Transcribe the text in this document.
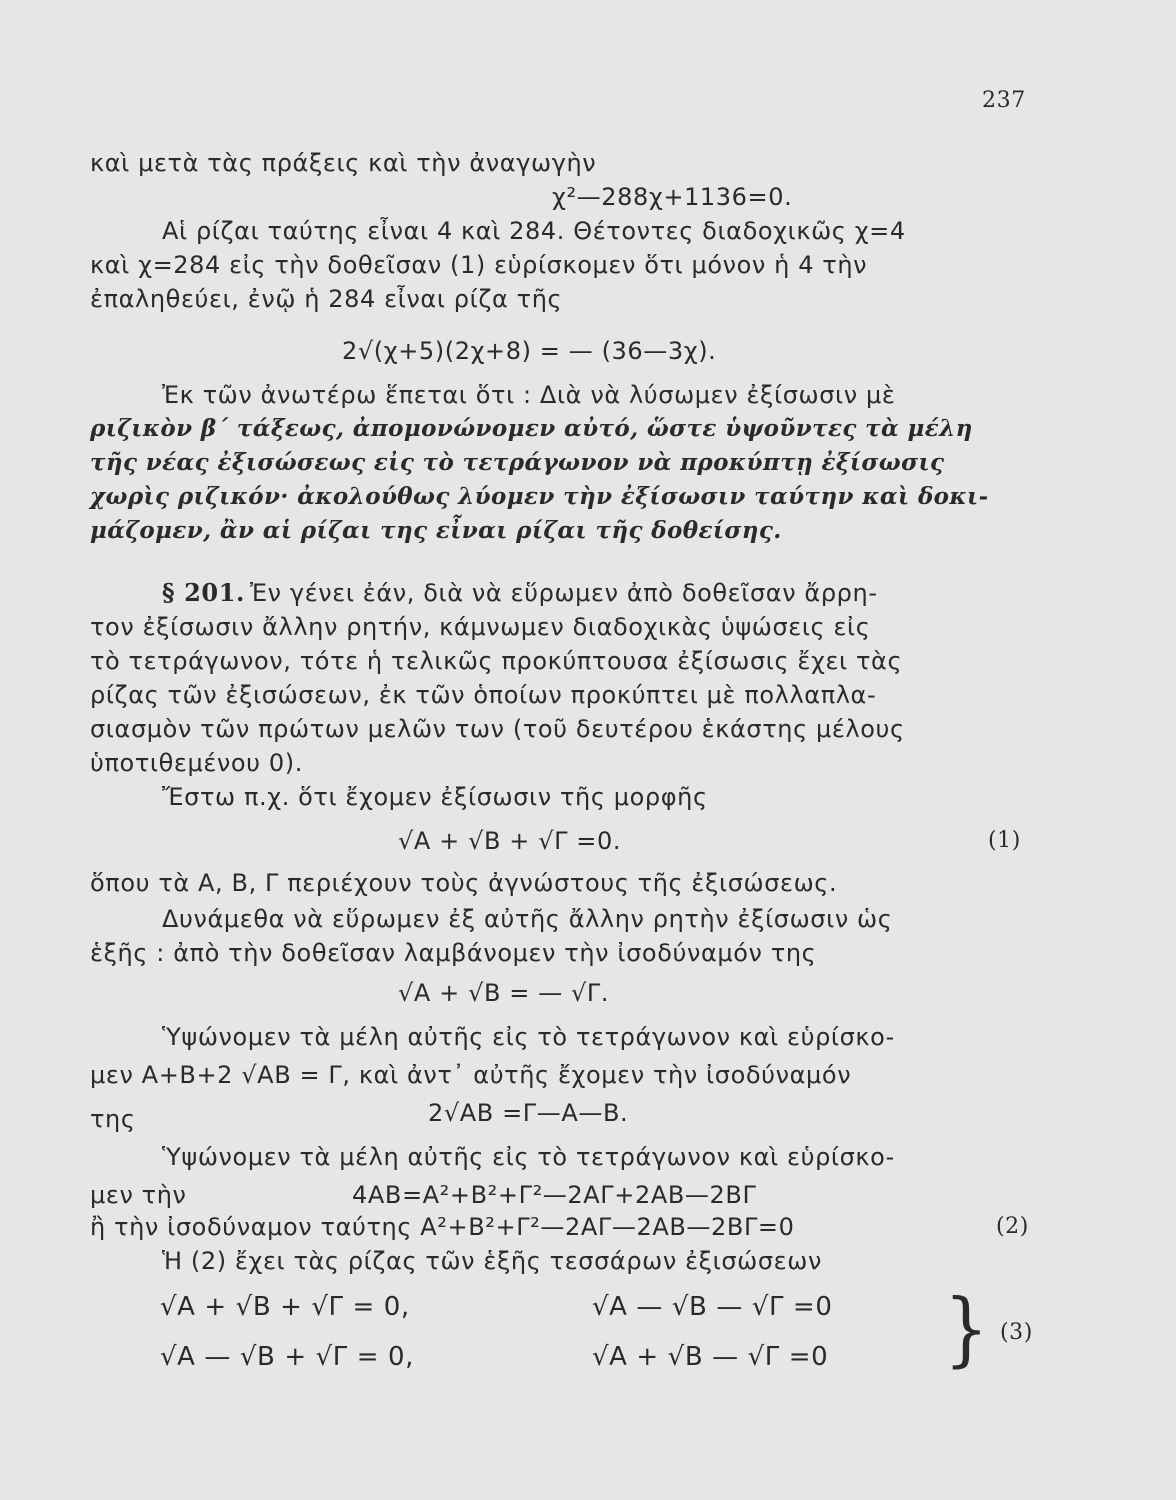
237
καὶ μετὰ τὰς πράξεις καὶ τὴν ἀναγωγὴν
χ²—288χ+1136=0.
Αἱ ρίζαι ταύτης εἶναι 4 καὶ 284. Θέτοντες διαδοχικῶς χ=4
καὶ χ=284 εἰς τὴν δοθεῖσαν (1) εὑρίσκομεν ὅτι μόνον ἡ 4 τὴν
ἐπαληθεύει, ἐνῷ ἡ 284 εἶναι ρίζα τῆς
2√(χ+5)(2χ+8) = — (36—3χ).
Ἐκ τῶν ἀνωτέρω ἕπεται ὅτι : Διὰ νὰ λύσωμεν ἐξίσωσιν μὲ
ριζικὸν β´ τάξεως, ἀπομονώνομεν αὐτό, ὥστε ὑψοῦντες τὰ μέλη
τῆς νέας ἐξισώσεως εἰς τὸ τετράγωνον νὰ προκύπτῃ ἐξίσωσις
χωρὶς ριζικόν· ἀκολούθως λύομεν τὴν ἐξίσωσιν ταύτην καὶ δοκι-
μάζομεν, ἂν αἱ ρίζαι της εἶναι ρίζαι τῆς δοθείσης.
§ 201. Ἐν γένει ἐάν, διὰ νὰ εὕρωμεν ἀπὸ δοθεῖσαν ἄρρη-
τον ἐξίσωσιν ἄλλην ρητήν, κάμνωμεν διαδοχικὰς ὑψώσεις εἰς
τὸ τετράγωνον, τότε ἡ τελικῶς προκύπτουσα ἐξίσωσις ἔχει τὰς
ρίζας τῶν ἐξισώσεων, ἐκ τῶν ὁποίων προκύπτει μὲ πολλαπλα-
σιασμὸν τῶν πρώτων μελῶν των (τοῦ δευτέρου ἑκάστης μέλους
ὑποτιθεμένου 0).
Ἔστω π.χ. ὅτι ἔχομεν ἐξίσωσιν τῆς μορφῆς
√Α + √Β + √Γ =0.	(1)
ὅπου τὰ Α, Β, Γ περιέχουν τοὺς ἀγνώστους τῆς ἐξισώσεως.
Δυνάμεθα νὰ εὕρωμεν ἐξ αὐτῆς ἄλλην ρητὴν ἐξίσωσιν ὡς
ἑξῆς : ἀπὸ τὴν δοθεῖσαν λαμβάνομεν τὴν ἰσοδύναμόν της
√Α + √Β = — √Γ.
Ὑψώνομεν τὰ μέλη αὐτῆς εἰς τὸ τετράγωνον καὶ εὑρίσκο-
μεν Α+Β+2 √ΑΒ = Γ, καὶ ἀντ᾽ αὐτῆς ἔχομεν τὴν ἰσοδύναμόν
της	2√ΑΒ =Γ—Α—Β.
Ὑψώνομεν τὰ μέλη αὐτῆς εἰς τὸ τετράγωνον καὶ εὑρίσκο-
μεν τὴν	4ΑΒ=Α²+Β²+Γ²—2ΑΓ+2ΑΒ—2ΒΓ
ἢ τὴν ἰσοδύναμον ταύτης Α²+Β²+Γ²—2ΑΓ—2ΑΒ—2ΒΓ=0	(2)
Ἡ (2) ἔχει τὰς ρίζας τῶν ἑξῆς τεσσάρων ἐξισώσεων
√Α + √Β + √Γ = 0,	√Α — √Β — √Γ =0
√Α — √Β + √Γ = 0,	√Α + √Β — √Γ =0 } (3)
